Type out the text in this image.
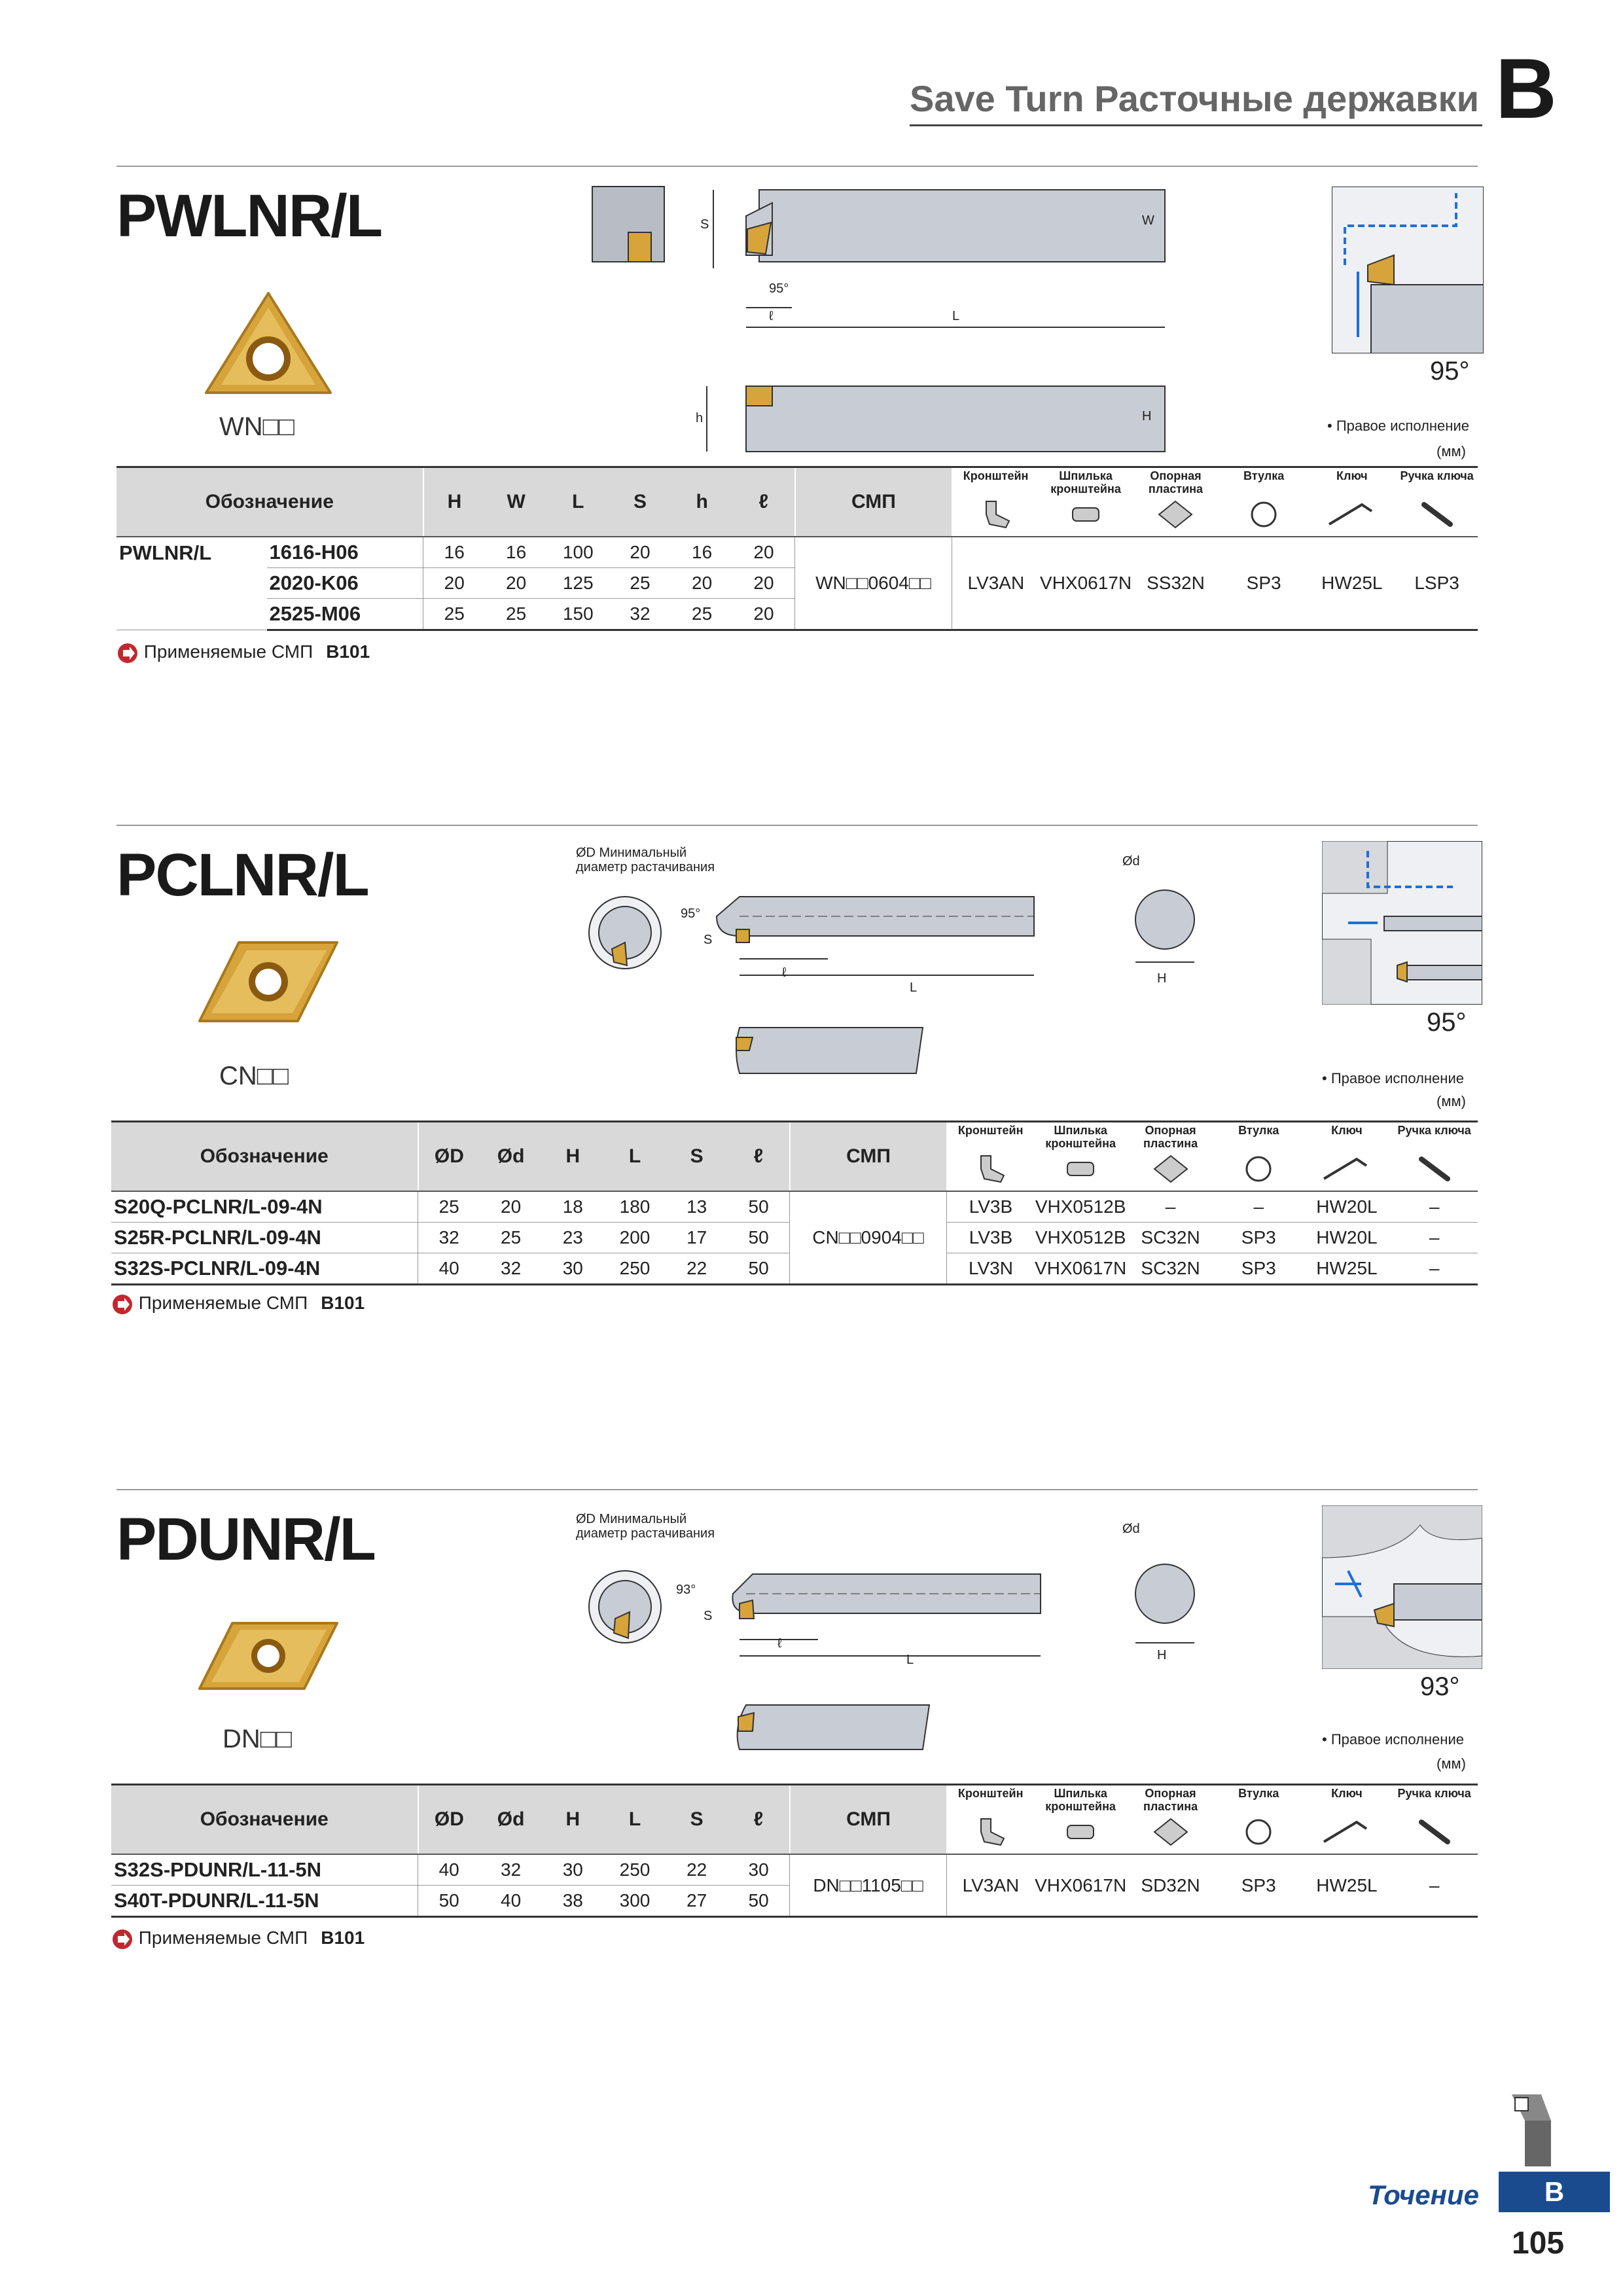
Save Turn Расточные державки B
PWLNR/L
WN□□
S	W
95°
ℓ	L
h	H
95°
• Правое исполнение
(мм)
Обозначение		H	W	L	S	h	ℓ	СМП	Кронштейн	Шпилька кронштейна	Опорная пластина	Втулка	Ключ	Ручка ключа

PWLNR/L	1616-H06	16	16	100	20	16	20	WN□□0604□□	LV3AN	VHX0617N	SS32N	SP3	HW25L	LSP3
	2020-K06	20	20	125	25	20	20							
	2525-M06	25	25	150	32	25	20							
Применяемые СМП B101
PCLNR/L
CN□□
ØD Минимальный диаметр растачивания
95°
S
ℓ
L
Ød
H
95°
• Правое исполнение
(мм)
Обозначение	ØD	Ød	H	L	S	ℓ	СМП	Кронштейн	Шпилька кронштейна	Опорная пластина	Втулка	Ключ	Ручка ключа

S20Q-PCLNR/L-09-4N	25	20	18	180	13	50	CN□□0904□□	LV3B	VHX0512B	–	–	HW20L	–
S25R-PCLNR/L-09-4N	32	25	23	200	17	50		LV3B	VHX0512B	SC32N	SP3	HW20L	–
S32S-PCLNR/L-09-4N	40	32	30	250	22	50		LV3N	VHX0617N	SC32N	SP3	HW25L	–
Применяемые СМП B101
PDUNR/L
DN□□
ØD Минимальный диаметр растачивания
93°
S
ℓ
L
Ød
H
93°
• Правое исполнение
(мм)
Обозначение	ØD	Ød	H	L	S	ℓ	СМП	Кронштейн	Шпилька кронштейна	Опорная пластина	Втулка	Ключ	Ручка ключа

S32S-PDUNR/L-11-5N	40	32	30	250	22	30	DN□□1105□□	LV3AN	VHX0617N	SD32N	SP3	HW25L	–
S40T-PDUNR/L-11-5N	50	40	38	300	27	50							
Применяемые СМП B101
Точение	B
105
